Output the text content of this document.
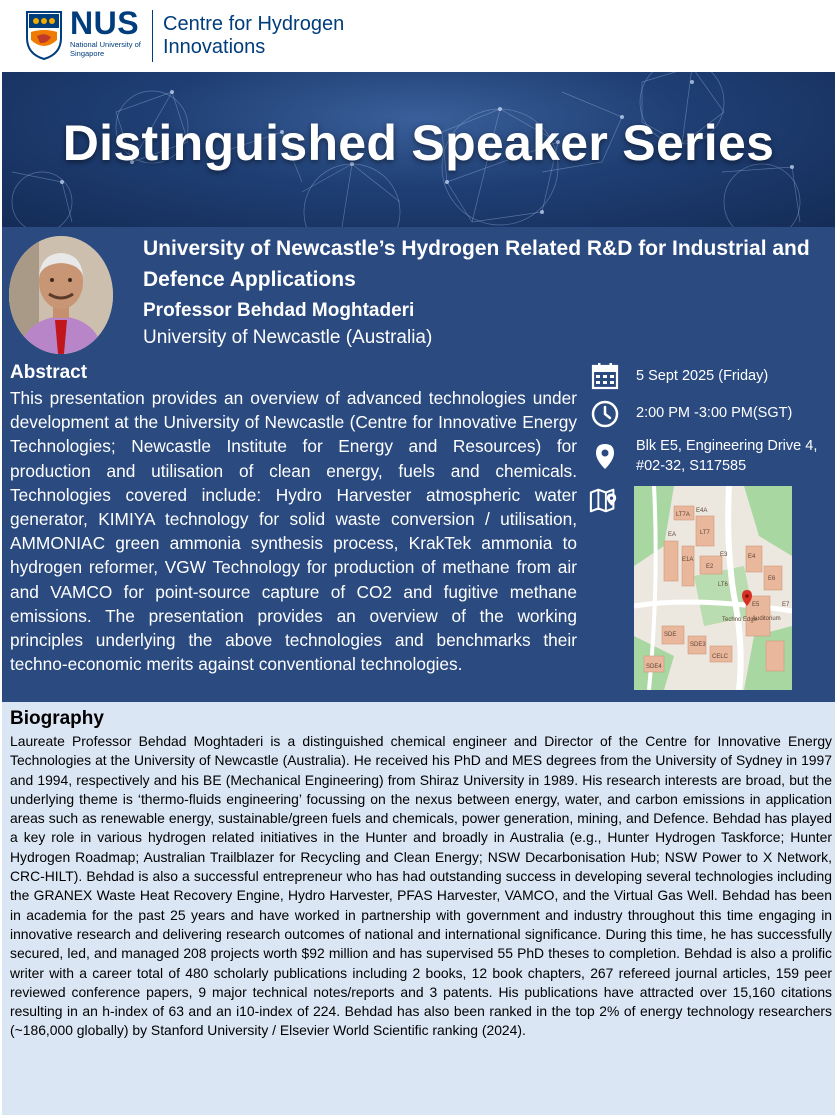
NUS
National University of Singapore
Centre for Hydrogen Innovations
Distinguished Speaker Series
University of Newcastle’s Hydrogen Related R&D for Industrial and Defence Applications
Professor Behdad Moghtaderi
University of Newcastle (Australia)
Abstract
This presentation provides an overview of advanced technologies under development at the University of Newcastle (Centre for Innovative Energy Technologies; Newcastle Institute for Energy and Resources) for production and utilisation of clean energy, fuels and chemicals. Technologies covered include: Hydro Harvester atmospheric water generator, KIMIYA technology for solid waste conversion / utilisation, AMMONIAC green ammonia synthesis process, KrakTek ammonia to hydrogen reformer, VGW Technology for production of methane from air and VAMCO for point-source capture of CO2 and fugitive methane emissions. The presentation provides an overview of the working principles underlying the above technologies and benchmarks their techno-economic merits against conventional technologies.
5 Sept 2025 (Friday)
2:00 PM -3:00 PM(SGT)
Blk E5, Engineering Drive 4,
#02-32, S117585
LT7A
E4A
EA	LT7
E1A
E2
E3	E4
LT6
E5
E6
E7
SDE
SDE3
SDE4
CELC
Techno Edge
Auditorium
Biography
Laureate Professor Behdad Moghtaderi is a distinguished chemical engineer and Director of the Centre for Innovative Energy Technologies at the University of Newcastle (Australia). He received his PhD and MES degrees from the University of Sydney in 1997 and 1994, respectively and his BE (Mechanical Engineering) from Shiraz University in 1989. His research interests are broad, but the underlying theme is ‘thermo-fluids engineering’ focussing on the nexus between energy, water, and carbon emissions in application areas such as renewable energy, sustainable/green fuels and chemicals, power generation, mining, and Defence. Behdad has played a key role in various hydrogen related initiatives in the Hunter and broadly in Australia (e.g., Hunter Hydrogen Taskforce; Hunter Hydrogen Roadmap; Australian Trailblazer for Recycling and Clean Energy; NSW Decarbonisation Hub; NSW Power to X Network, CRC-HILT). Behdad is also a successful entrepreneur who has had outstanding success in developing several technologies including the GRANEX Waste Heat Recovery Engine, Hydro Harvester, PFAS Harvester, VAMCO, and the Virtual Gas Well. Behdad has been in academia for the past 25 years and have worked in partnership with government and industry throughout this time engaging in innovative research and delivering research outcomes of national and international significance. During this time, he has successfully secured, led, and managed 208 projects worth $92 million and has supervised 55 PhD theses to completion. Behdad is also a prolific writer with a career total of 480 scholarly publications including 2 books, 12 book chapters, 267 refereed journal articles, 159 peer reviewed conference papers, 9 major technical notes/reports and 3 patents. His publications have attracted over 15,160 citations resulting in an h-index of 63 and an i10-index of 224. Behdad has also been ranked in the top 2% of energy technology researchers (~186,000 globally) by Stanford University / Elsevier World Scientific ranking (2024).
